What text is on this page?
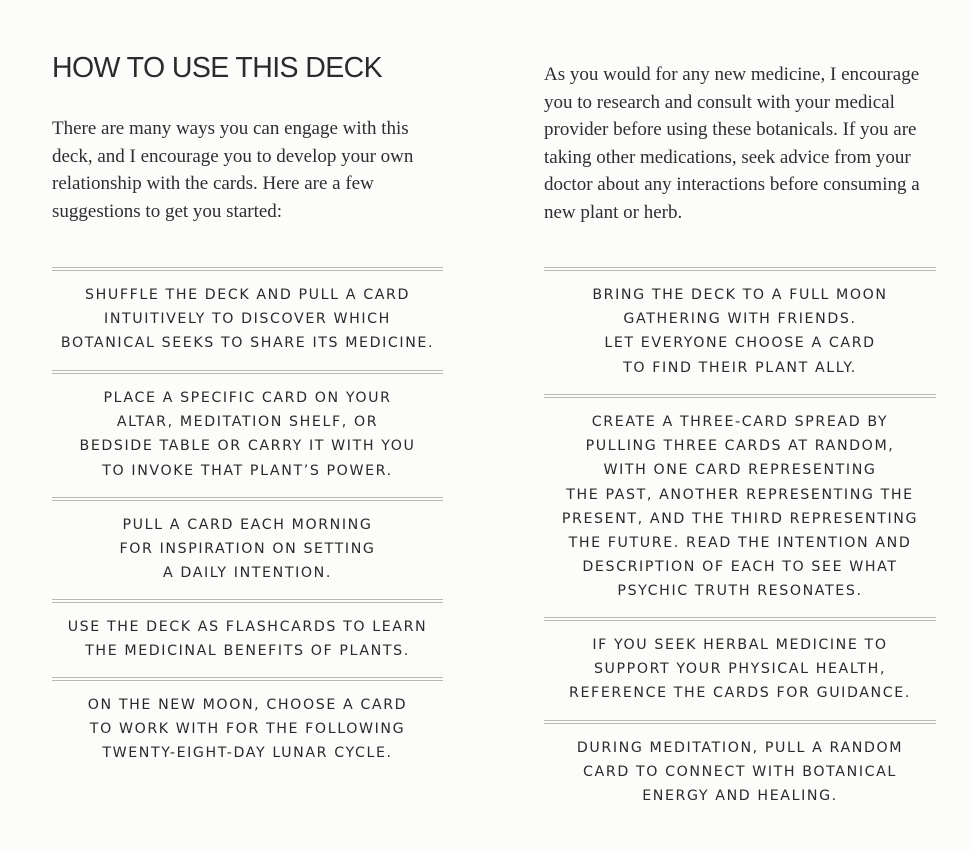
HOW TO USE THIS DECK

There are many ways you can engage with this deck, and I encourage you to develop your own relationship with the cards. Here are a few suggestions to get you started:

SHUFFLE THE DECK AND PULL A CARD
INTUITIVELY TO DISCOVER WHICH
BOTANICAL SEEKS TO SHARE ITS MEDICINE.

PLACE A SPECIFIC CARD ON YOUR
ALTAR, MEDITATION SHELF, OR
BEDSIDE TABLE OR CARRY IT WITH YOU
TO INVOKE THAT PLANT’S POWER.

PULL A CARD EACH MORNING
FOR INSPIRATION ON SETTING
A DAILY INTENTION.

USE THE DECK AS FLASHCARDS TO LEARN
THE MEDICINAL BENEFITS OF PLANTS.

ON THE NEW MOON, CHOOSE A CARD
TO WORK WITH FOR THE FOLLOWING
TWENTY-EIGHT-DAY LUNAR CYCLE.

As you would for any new medicine, I encourage you to research and consult with your medical provider before using these botanicals. If you are taking other medications, seek advice from your doctor about any interactions before consuming a new plant or herb.

BRING THE DECK TO A FULL MOON
GATHERING WITH FRIENDS.
LET EVERYONE CHOOSE A CARD
TO FIND THEIR PLANT ALLY.

CREATE A THREE-CARD SPREAD BY
PULLING THREE CARDS AT RANDOM,
WITH ONE CARD REPRESENTING
THE PAST, ANOTHER REPRESENTING THE
PRESENT, AND THE THIRD REPRESENTING
THE FUTURE. READ THE INTENTION AND
DESCRIPTION OF EACH TO SEE WHAT
PSYCHIC TRUTH RESONATES.

IF YOU SEEK HERBAL MEDICINE TO
SUPPORT YOUR PHYSICAL HEALTH,
REFERENCE THE CARDS FOR GUIDANCE.

DURING MEDITATION, PULL A RANDOM
CARD TO CONNECT WITH BOTANICAL
ENERGY AND HEALING.
